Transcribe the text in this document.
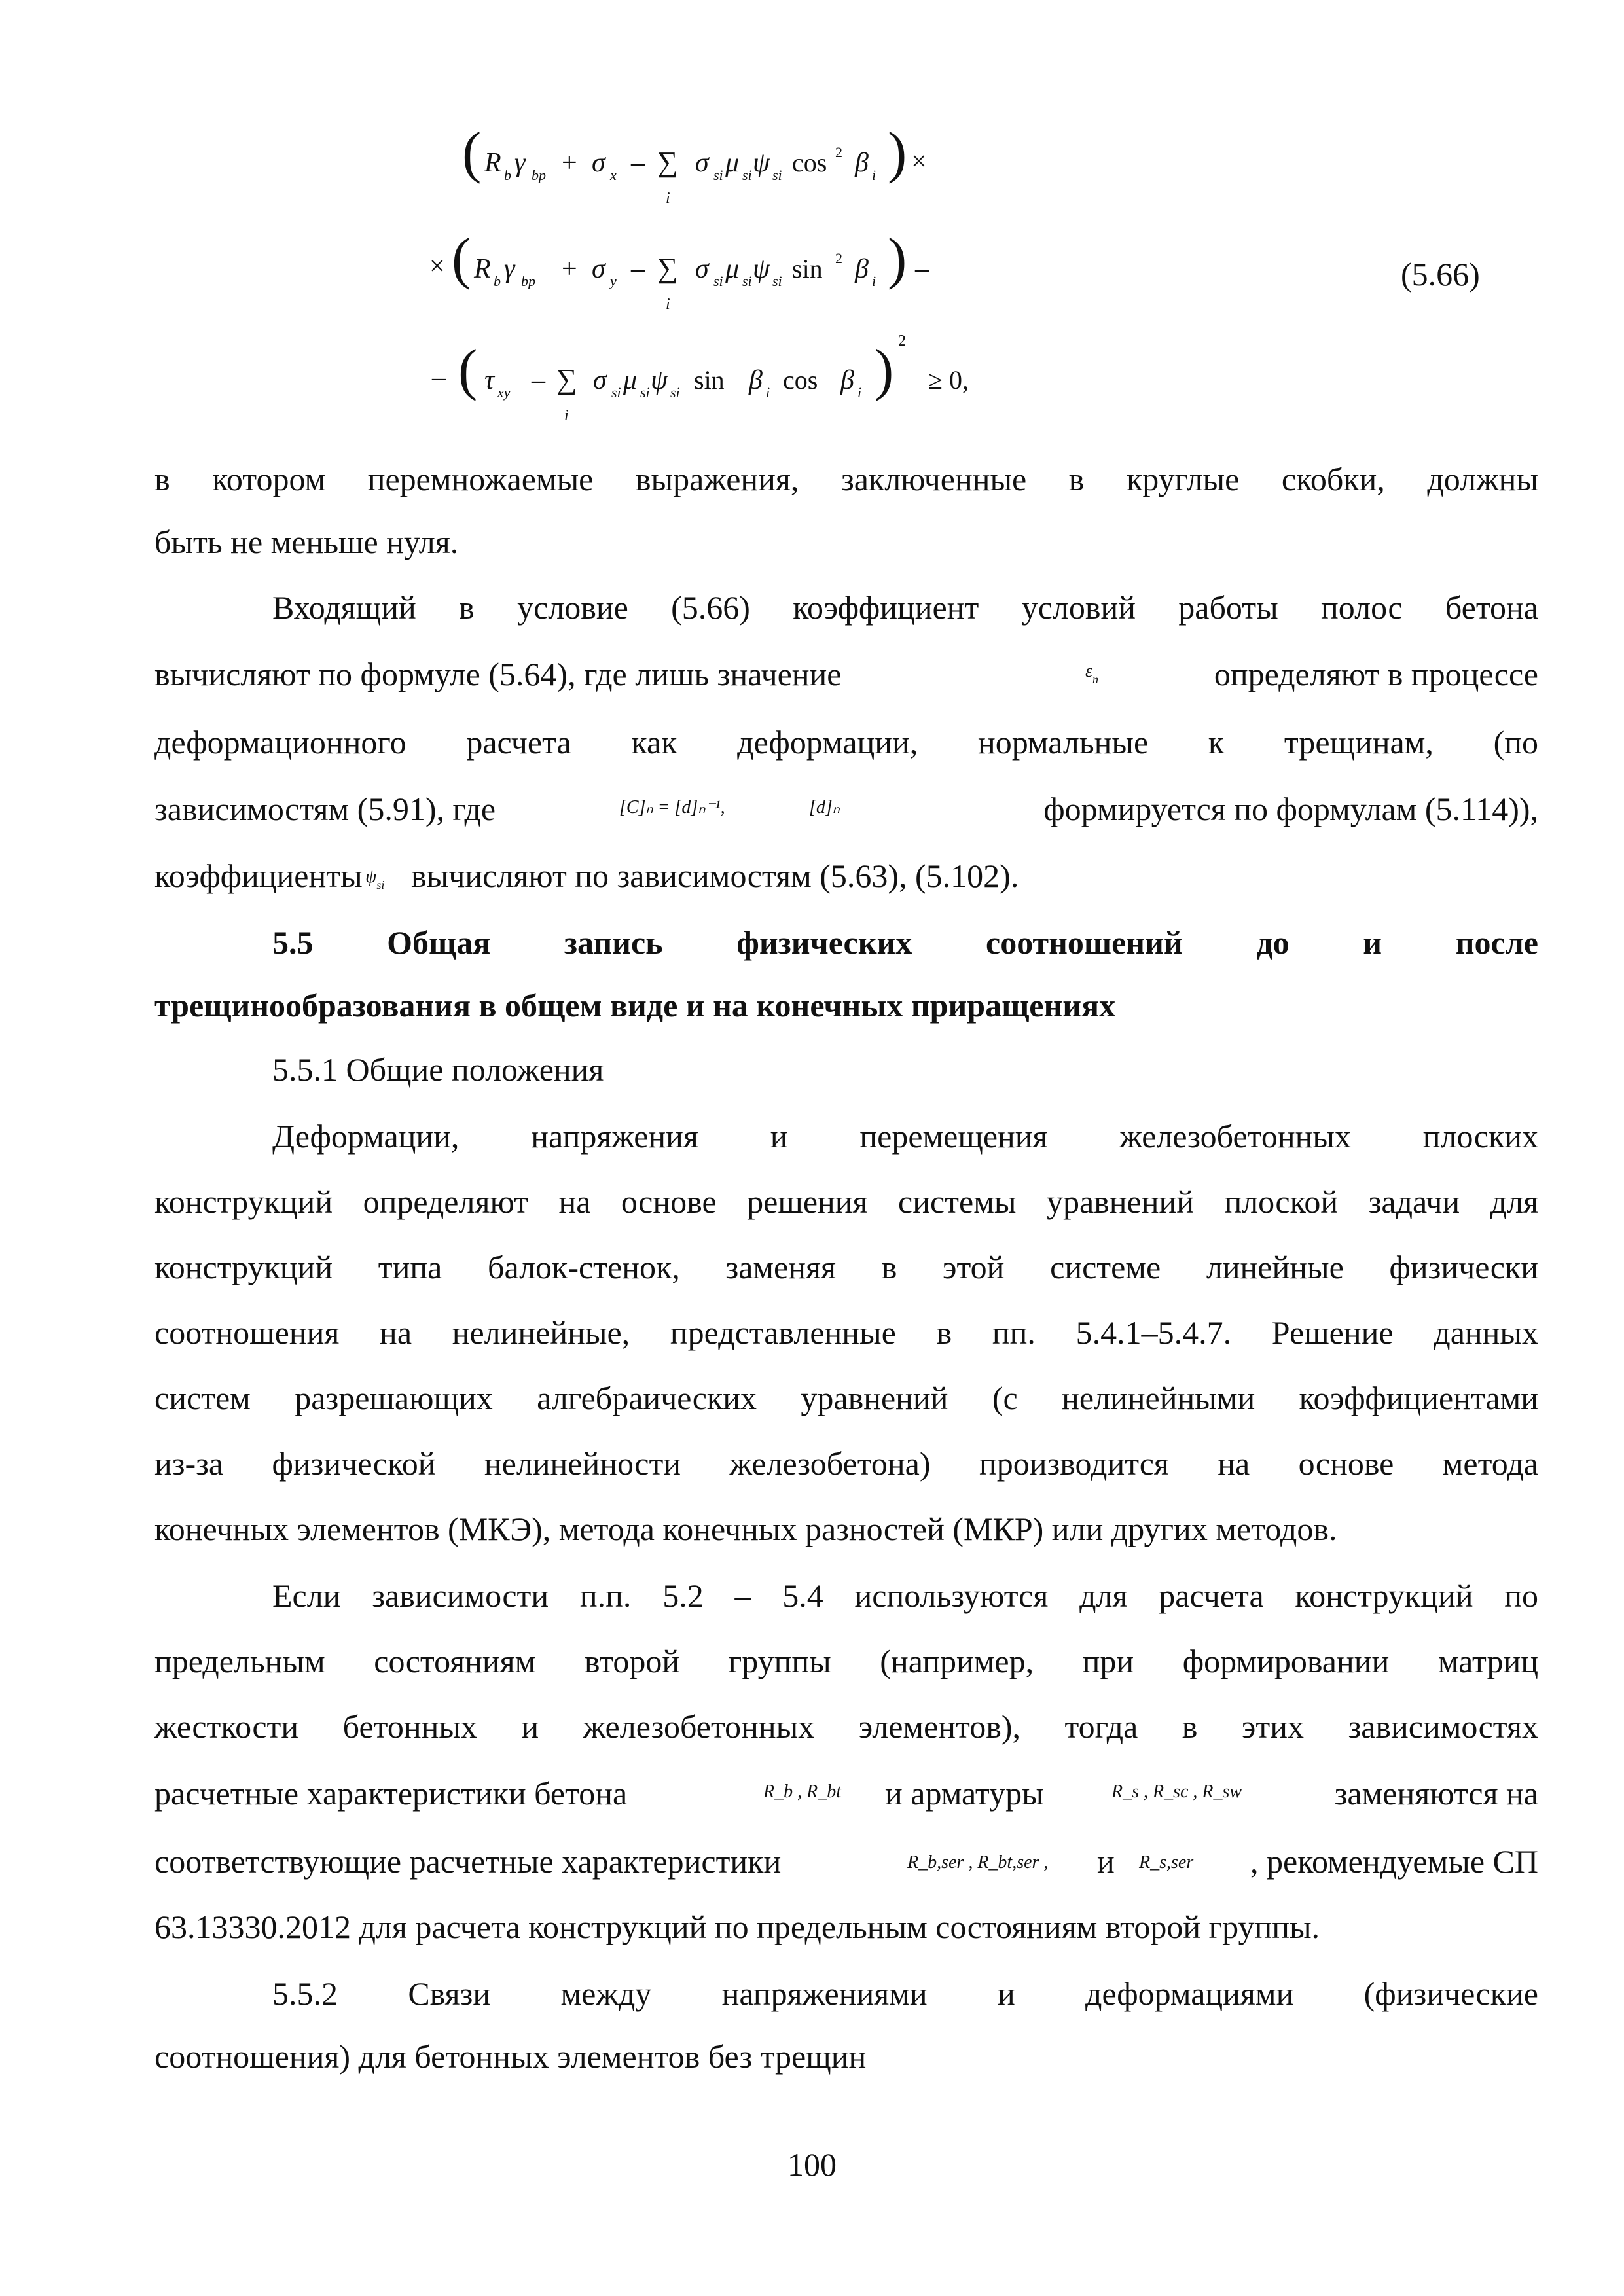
( R b γ bp + σ x – ∑
i
σ si μ si ψ si cos 2 β i ) ×
× ( R b γ bp + σ y – ∑
i
σ si μ si ψ si sin 2 β i ) –
– ( τ xy – ∑
i
σ si μ si ψ si sin β i cos β i ) 2
≥ 0,
(5.66)
в котором перемножаемые выражения, заключенные в круглые скобки, должны
быть не меньше нуля.
Входящий в условие (5.66) коэффициент условий работы полос бетона
вычисляют по формуле (5.64), где лишь значение	$\varepsilon_n$	определяют в процессе
деформационного расчета как деформации, нормальные к трещинам, (по
зависимостям (5.91), где	[C]ₙ = [d]ₙ⁻¹,	[d]ₙ	формируется по формулам (5.114)),
коэффициенты $\psi_{si}$ вычисляют по зависимостям (5.63), (5.102).
5.5 Общая запись физических соотношений до и после
трещинообразования в общем виде и на конечных приращениях
5.5.1 Общие положения
Деформации, напряжения и перемещения железобетонных плоских
конструкций определяют на основе решения системы уравнений плоской задачи для
конструкций типа балок-стенок, заменяя в этой системе линейные физически
соотношения на нелинейные, представленные в пп. 5.4.1–5.4.7. Решение данных
систем разрешающих алгебраических уравнений (с нелинейными коэффициентами
из-за физической нелинейности железобетона) производится на основе метода
конечных элементов (МКЭ), метода конечных разностей (МКР) или других методов.
Если зависимости п.п. 5.2 – 5.4 используются для расчета конструкций по
предельным состояниям второй группы (например, при формировании матриц
жесткости бетонных и железобетонных элементов), тогда в этих зависимостях
расчетные характеристики бетона	R_b , R_bt и арматуры	R_s , R_sc , R_sw	заменяются на
соответствующие расчетные характеристики	R_b,ser , R_bt,ser , и R_s,ser , рекомендуемые СП
63.13330.2012 для расчета конструкций по предельным состояниям второй группы.
5.5.2 Связи между напряжениями и деформациями (физические
соотношения) для бетонных элементов без трещин
100
